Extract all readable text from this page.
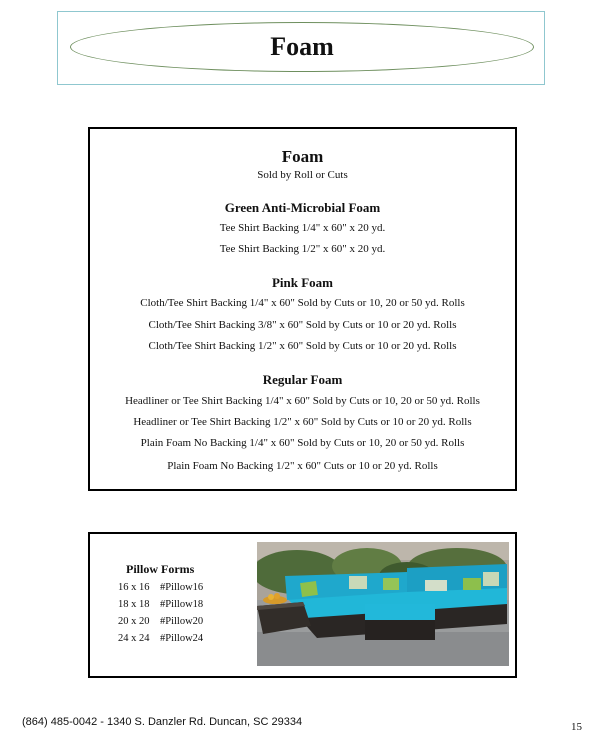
Foam
Foam
Sold by Roll or Cuts
Green Anti-Microbial Foam
Tee Shirt Backing 1/4" x 60" x 20 yd.
Tee Shirt Backing 1/2" x 60" x 20 yd.
Pink Foam
Cloth/Tee Shirt Backing 1/4" x 60" Sold by Cuts or 10, 20 or 50 yd. Rolls
Cloth/Tee Shirt Backing 3/8" x 60" Sold by Cuts or 10 or 20 yd. Rolls
Cloth/Tee Shirt Backing 1/2" x 60" Sold by Cuts or 10 or 20 yd. Rolls
Regular Foam
Headliner or Tee Shirt Backing 1/4" x 60" Sold by Cuts or 10, 20 or 50 yd. Rolls
Headliner or Tee Shirt Backing 1/2" x 60" Sold by Cuts or 10 or 20 yd. Rolls
Plain Foam No Backing 1/4" x 60" Sold by Cuts or 10, 20 or 50 yd. Rolls
Plain Foam No Backing 1/2" x 60" Cuts or 10 or 20 yd. Rolls
Pillow Forms
16 x 16 #Pillow16
18 x 18 #Pillow18
20 x 20 #Pillow20
24 x 24 #Pillow24
(864) 485-0042 - 1340 S. Danzler Rd. Duncan, SC 29334	15
